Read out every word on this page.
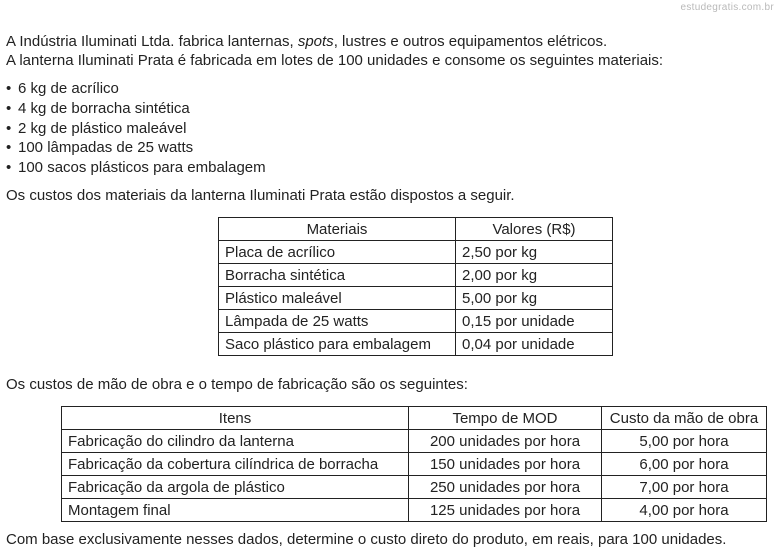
estudegratis.com.br
A Indústria Iluminati Ltda. fabrica lanternas, spots, lustres e outros equipamentos elétricos.
A lanterna Iluminati Prata é fabricada em lotes de 100 unidades e consome os seguintes materiais:
• 6 kg de acrílico
• 4 kg de borracha sintética
• 2 kg de plástico maleável
• 100 lâmpadas de 25 watts
• 100 sacos plásticos para embalagem
Os custos dos materiais da lanterna Iluminati Prata estão dispostos a seguir.
Materiais	Valores (R$)
Placa de acrílico	2,50 por kg
Borracha sintética	2,00 por kg
Plástico maleável	5,00 por kg
Lâmpada de 25 watts	0,15 por unidade
Saco plástico para embalagem	0,04 por unidade
Os custos de mão de obra e o tempo de fabricação são os seguintes:
Itens	Tempo de MOD	Custo da mão de obra
Fabricação do cilindro da lanterna	200 unidades por hora	5,00 por hora
Fabricação da cobertura cilíndrica de borracha	150 unidades por hora	6,00 por hora
Fabricação da argola de plástico	250 unidades por hora	7,00 por hora
Montagem final	125 unidades por hora	4,00 por hora
Com base exclusivamente nesses dados, determine o custo direto do produto, em reais, para 100 unidades.
